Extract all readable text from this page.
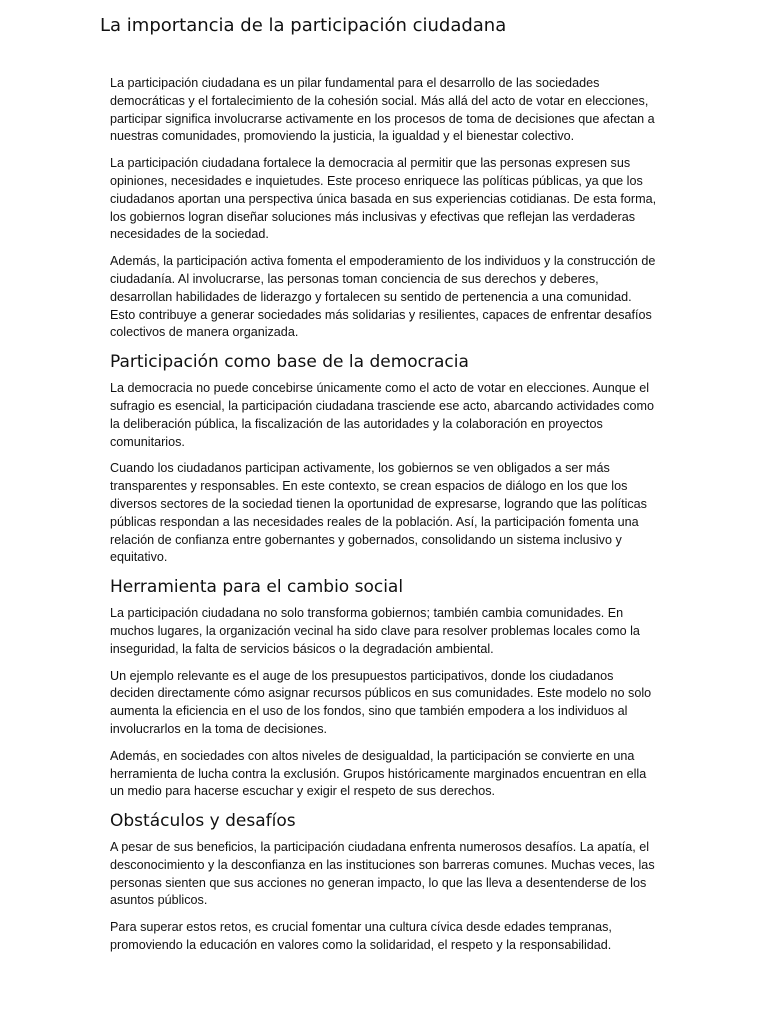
La importancia de la participación ciudadana

La participación ciudadana es un pilar fundamental para el desarrollo de las sociedades democráticas y el fortalecimiento de la cohesión social. Más allá del acto de votar en elecciones, participar significa involucrarse activamente en los procesos de toma de decisiones que afectan a nuestras comunidades, promoviendo la justicia, la igualdad y el bienestar colectivo.

La participación ciudadana fortalece la democracia al permitir que las personas expresen sus opiniones, necesidades e inquietudes. Este proceso enriquece las políticas públicas, ya que los ciudadanos aportan una perspectiva única basada en sus experiencias cotidianas. De esta forma, los gobiernos logran diseñar soluciones más inclusivas y efectivas que reflejan las verdaderas necesidades de la sociedad.

Además, la participación activa fomenta el empoderamiento de los individuos y la construcción de ciudadanía. Al involucrarse, las personas toman conciencia de sus derechos y deberes, desarrollan habilidades de liderazgo y fortalecen su sentido de pertenencia a una comunidad. Esto contribuye a generar sociedades más solidarias y resilientes, capaces de enfrentar desafíos colectivos de manera organizada.

Participación como base de la democracia

La democracia no puede concebirse únicamente como el acto de votar en elecciones. Aunque el sufragio es esencial, la participación ciudadana trasciende ese acto, abarcando actividades como la deliberación pública, la fiscalización de las autoridades y la colaboración en proyectos comunitarios.

Cuando los ciudadanos participan activamente, los gobiernos se ven obligados a ser más transparentes y responsables. En este contexto, se crean espacios de diálogo en los que los diversos sectores de la sociedad tienen la oportunidad de expresarse, logrando que las políticas públicas respondan a las necesidades reales de la población. Así, la participación fomenta una relación de confianza entre gobernantes y gobernados, consolidando un sistema inclusivo y equitativo.

Herramienta para el cambio social

La participación ciudadana no solo transforma gobiernos; también cambia comunidades. En muchos lugares, la organización vecinal ha sido clave para resolver problemas locales como la inseguridad, la falta de servicios básicos o la degradación ambiental.

Un ejemplo relevante es el auge de los presupuestos participativos, donde los ciudadanos deciden directamente cómo asignar recursos públicos en sus comunidades. Este modelo no solo aumenta la eficiencia en el uso de los fondos, sino que también empodera a los individuos al involucrarlos en la toma de decisiones.

Además, en sociedades con altos niveles de desigualdad, la participación se convierte en una herramienta de lucha contra la exclusión. Grupos históricamente marginados encuentran en ella un medio para hacerse escuchar y exigir el respeto de sus derechos.

Obstáculos y desafíos

A pesar de sus beneficios, la participación ciudadana enfrenta numerosos desafíos. La apatía, el desconocimiento y la desconfianza en las instituciones son barreras comunes. Muchas veces, las personas sienten que sus acciones no generan impacto, lo que las lleva a desentenderse de los asuntos públicos.

Para superar estos retos, es crucial fomentar una cultura cívica desde edades tempranas, promoviendo la educación en valores como la solidaridad, el respeto y la responsabilidad.
